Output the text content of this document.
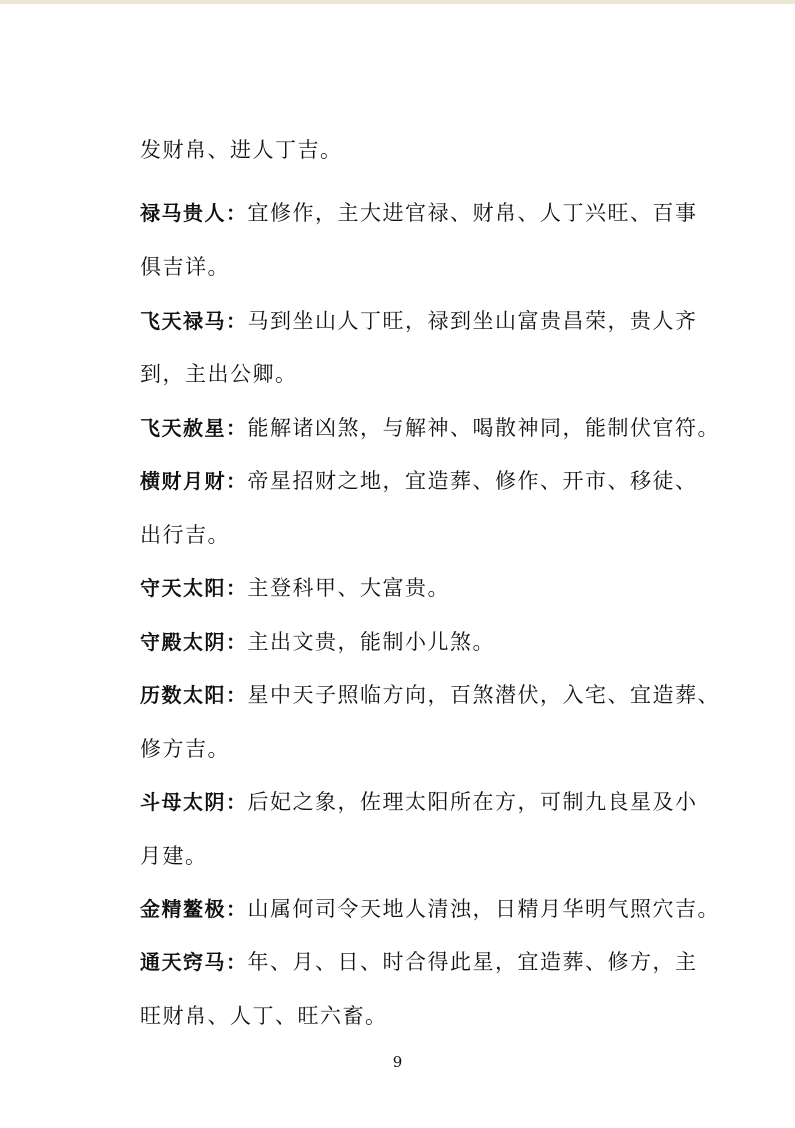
发财帛、进人丁吉。
禄马贵人：宜修作，主大进官禄、财帛、人丁兴旺、百事
俱吉详。
飞天禄马：马到坐山人丁旺，禄到坐山富贵昌荣，贵人齐
到，主出公卿。
飞天赦星：能解诸凶煞，与解神、喝散神同，能制伏官符。
横财月财：帝星招财之地，宜造葬、修作、开市、移徒、
出行吉。
守天太阳：主登科甲、大富贵。
守殿太阴：主出文贵，能制小儿煞。
历数太阳：星中天子照临方向，百煞潜伏，入宅、宜造葬、
修方吉。
斗母太阴：后妃之象，佐理太阳所在方，可制九良星及小
月建。
金精鳌极：山属何司令天地人清浊，日精月华明气照穴吉。
通天窍马：年、月、日、时合得此星，宜造葬、修方，主
旺财帛、人丁、旺六畜。
9
